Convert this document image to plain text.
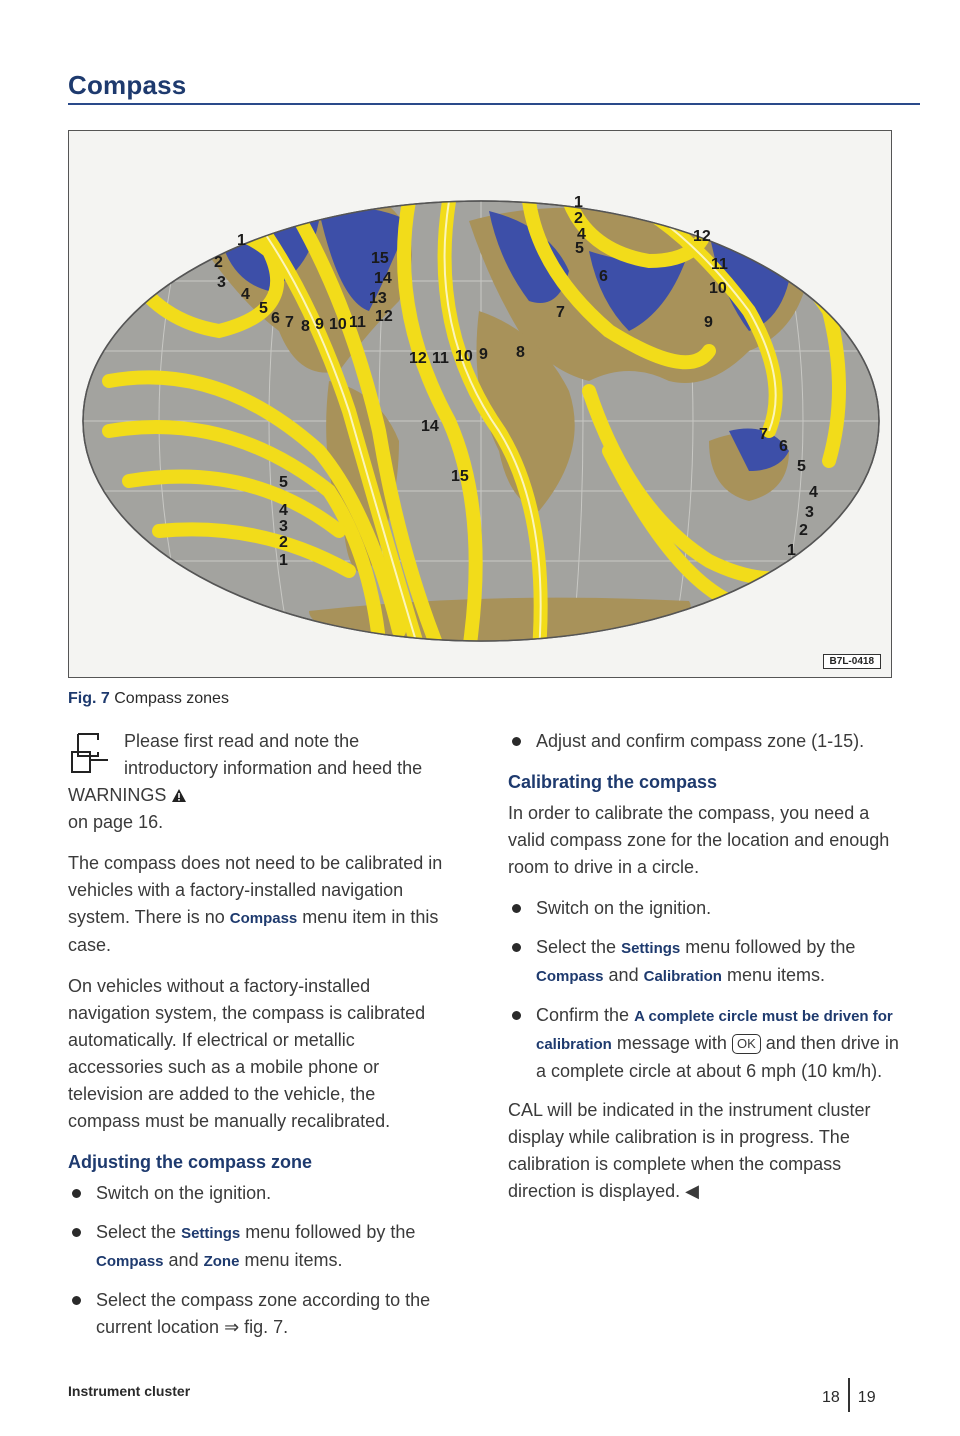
Compass
1
2
3
4
5
6 7 8 9 10 11 12
13
14
15
12 11 10 9 8
7
6
5
4
2
1
12
11
10
9
14
15
5
4
3
2
1
7
6
5
4
3
2
1
B7L-0418
Fig. 7 Compass zones

Please first read and note the introductory information and heed the WARNINGS
on page 16.

The compass does not need to be calibrated in vehicles with a factory-installed navigation system. There is no Compass menu item in this case.

On vehicles without a factory-installed navigation system, the compass is calibrated automatically. If electrical or metallic accessories such as a mobile phone or television are added to the vehicle, the compass must be manually recalibrated.

Adjusting the compass zone
Switch on the ignition.
Select the Settings menu followed by the Compass and Zone menu items.
Select the compass zone according to the current location ⇒ fig. 7.
Adjust and confirm compass zone (1-15).
Calibrating the compass

In order to calibrate the compass, you need a valid compass zone for the location and enough room to drive in a circle.

Switch on the ignition.
Select the Settings menu followed by the Compass and Calibration menu items.
Confirm the A complete circle must be driven for calibration message with OK and then drive in a complete circle at about 6 mph (10 km/h).

CAL will be indicated in the instrument cluster display while calibration is in progress. The calibration is complete when the compass direction is displayed. ◀

Instrument cluster	18 19
